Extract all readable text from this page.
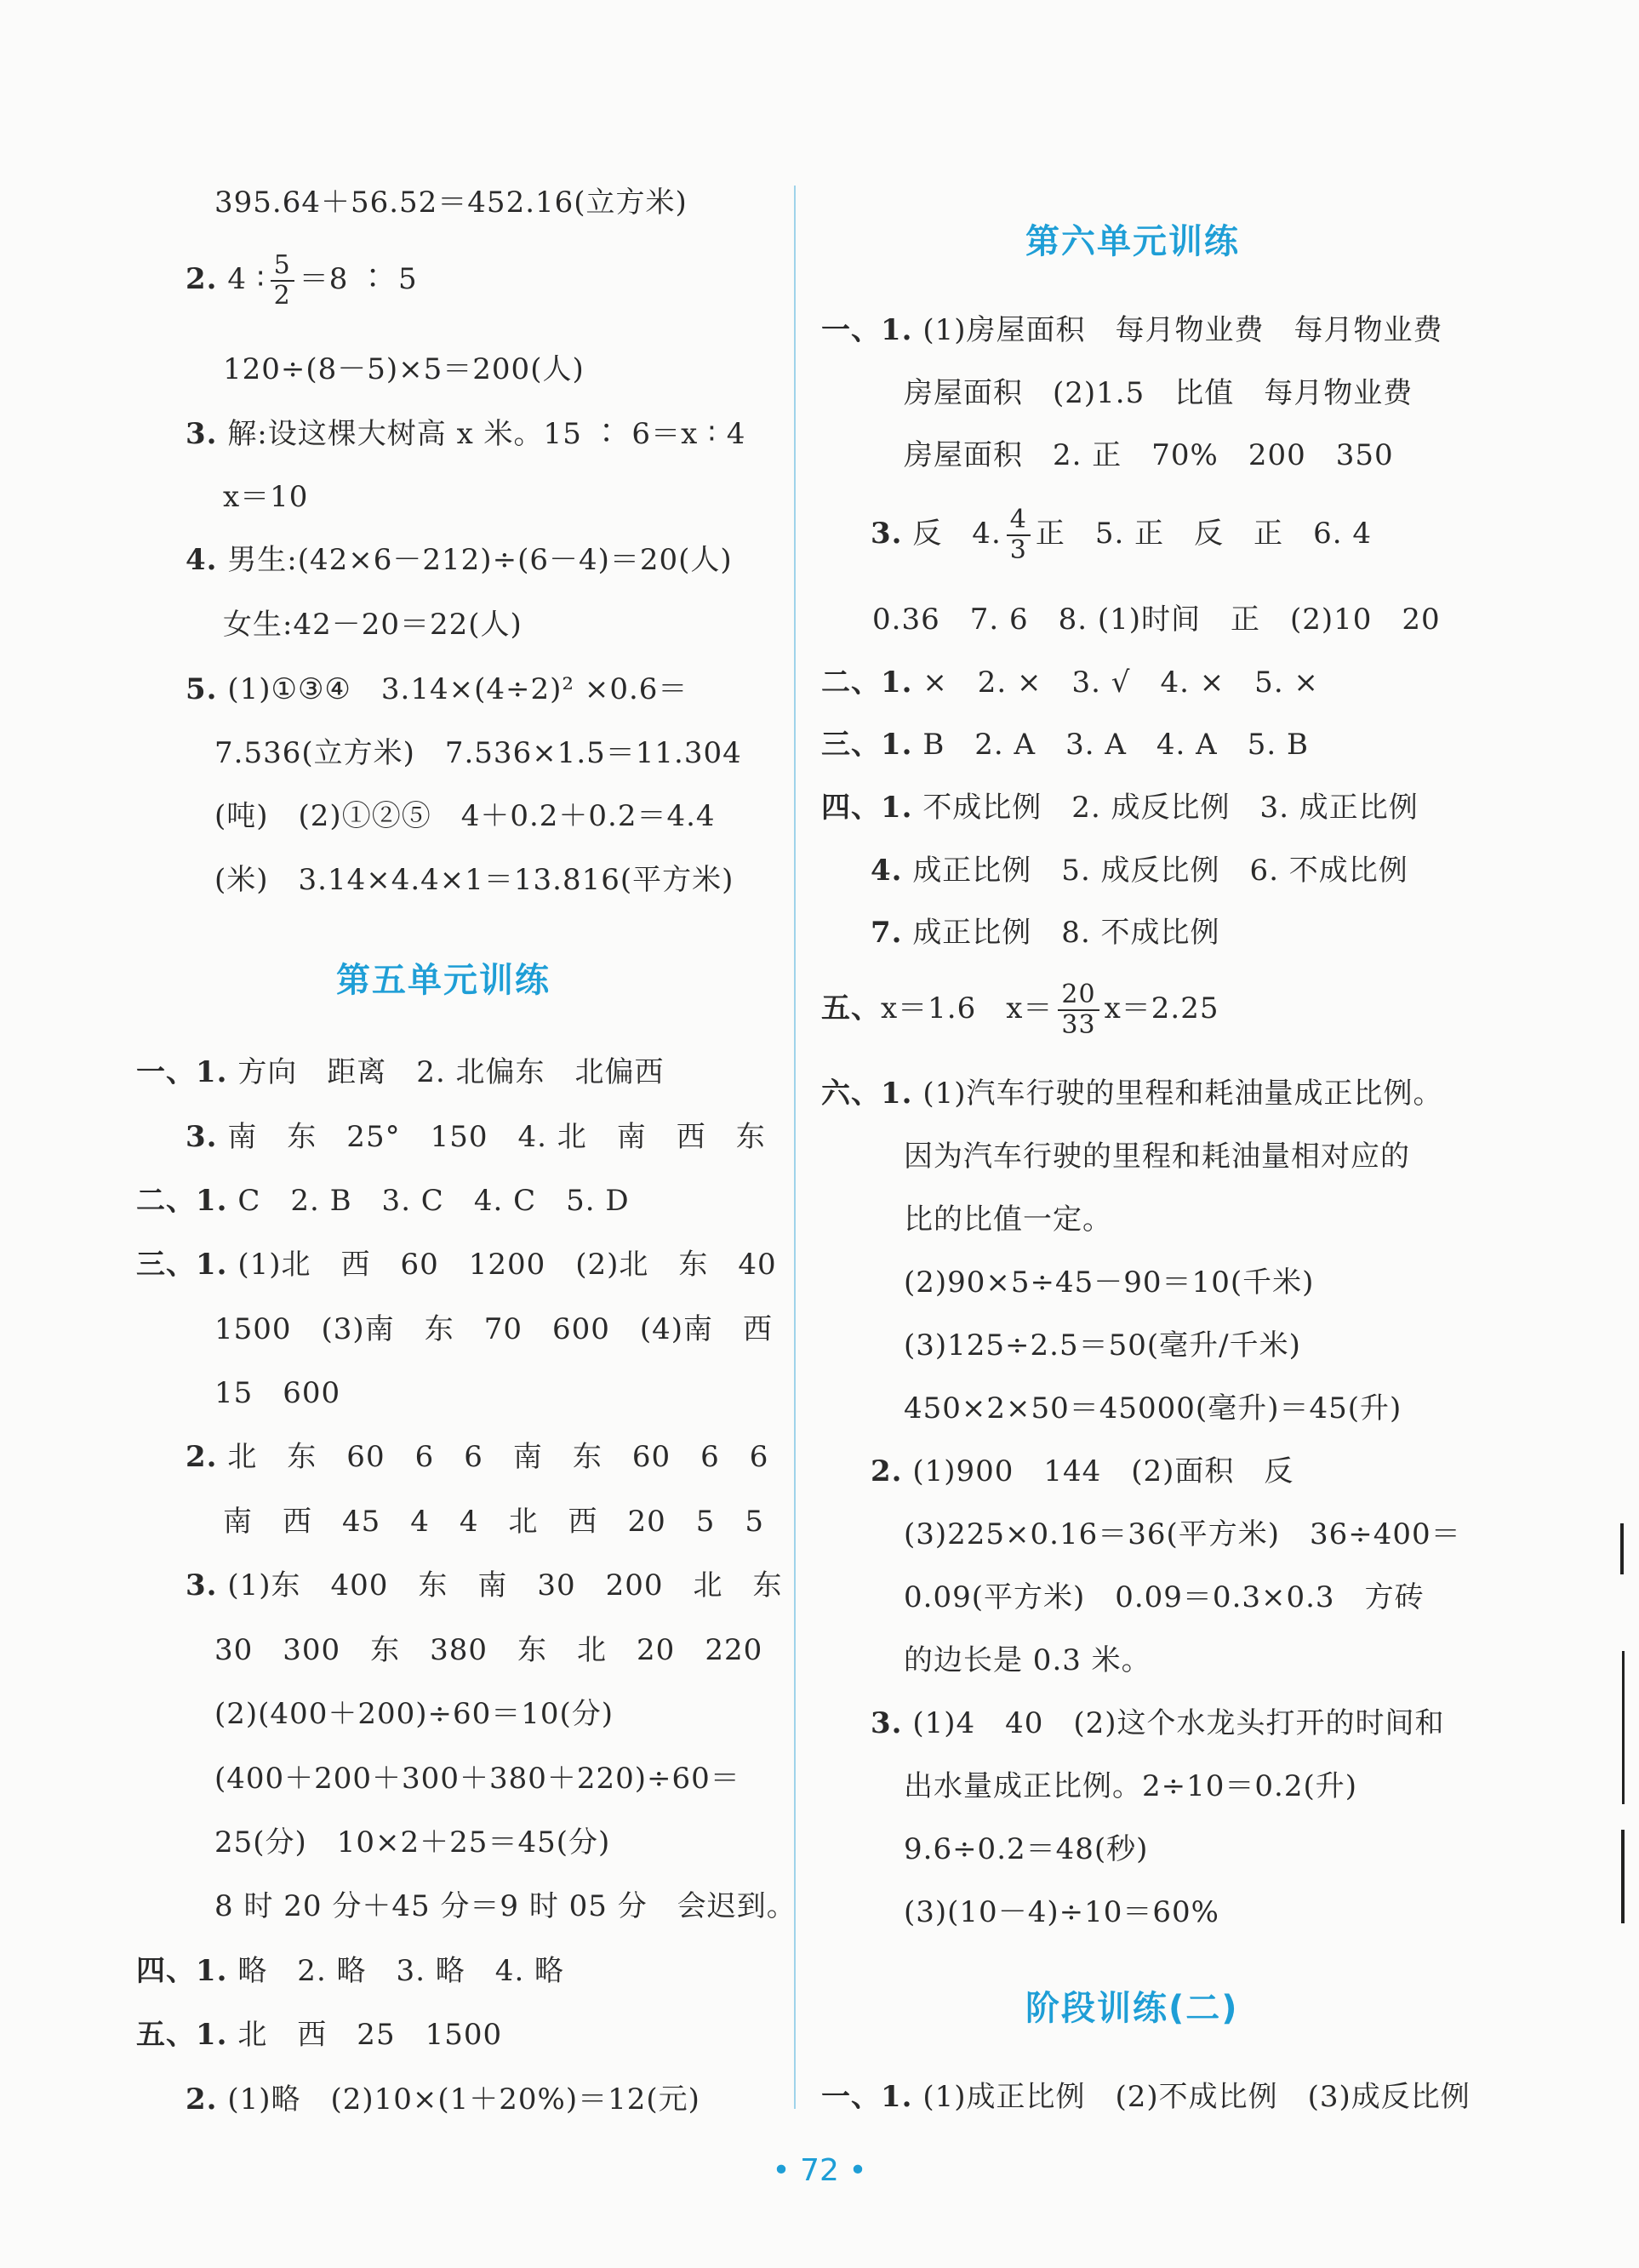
395.64＋56.52＝452.16(立方米)
2. 4 ∶ $\frac{5}{2} =8$ ∶ 5
120÷(8－5)×5＝200(人)
3. 解:设这棵大树高 x 米。15 ∶ 6＝x ∶ 4
x＝10
4. 男生:(42×6－212)÷(6－4)＝20(人)
女生:42－20＝22(人)
5. (1)①③④　3.14×(4÷2)² ×0.6＝
7.536(立方米)　7.536×1.5＝11.304
(吨)　(2)①②⑤　4＋0.2＋0.2＝4.4
(米)　3.14×4.4×1＝13.816(平方米)
第五单元训练
一、1. 方向　距离　2. 北偏东　北偏西
3. 南　东　25°　150　4. 北　南　西　东
二、1. C　2. B　3. C　4. C　5. D
三、1. (1)北　西　60　1200　(2)北　东　40
1500　(3)南　东　70　600　(4)南　西
15　600
2. 北　东　60　6　6　南　东　60　6　6
南　西　45　4　4　北　西　20　5　5
3. (1)东　400　东　南　30　200　北　东
30　300　东　380　东　北　20　220
(2)(400＋200)÷60＝10(分)
(400＋200＋300＋380＋220)÷60＝
25(分)　10×2＋25＝45(分)
8 时 20 分＋45 分＝9 时 05 分　会迟到。
四、1. 略　2. 略　3. 略　4. 略
五、1. 北　西　25　1500
2. (1)略　(2)10×(1＋20%)＝12(元)
第六单元训练
一、1. (1)房屋面积　每月物业费　每月物业费
房屋面积　(2)1.5　比值　每月物业费
房屋面积　2. 正　70%　200　350
3. 反　4. $\frac{4}{3}$ 正　5. 正　反　正　6. 4
0.36　7. 6　8. (1)时间　正　(2)10　20
二、1. ×　2. ×　3. √　4. ×　5. ×
三、1. B　2. A　3. A　4. A　5. B
四、1. 不成比例　2. 成反比例　3. 成正比例
4. 成正比例　5. 成反比例　6. 不成比例
7. 成正比例　8. 不成比例
五、x＝1.6　$x= \frac{20}{33} x=2.25$
六、1. (1)汽车行驶的里程和耗油量成正比例。
因为汽车行驶的里程和耗油量相对应的
比的比值一定。
(2)90×5÷45－90＝10(千米)
(3)125÷2.5＝50(毫升/千米)
450×2×50＝45000(毫升)＝45(升)
2. (1)900　144　(2)面积　反
(3)225×0.16＝36(平方米)　36÷400＝
0.09(平方米)　0.09＝0.3×0.3　方砖
的边长是 0.3 米。
3. (1)4　40　(2)这个水龙头打开的时间和
出水量成正比例。2÷10＝0.2(升)
9.6÷0.2＝48(秒)
(3)(10－4)÷10＝60%
阶段训练(二)
一、1. (1)成正比例　(2)不成比例　(3)成反比例
• 72 •
